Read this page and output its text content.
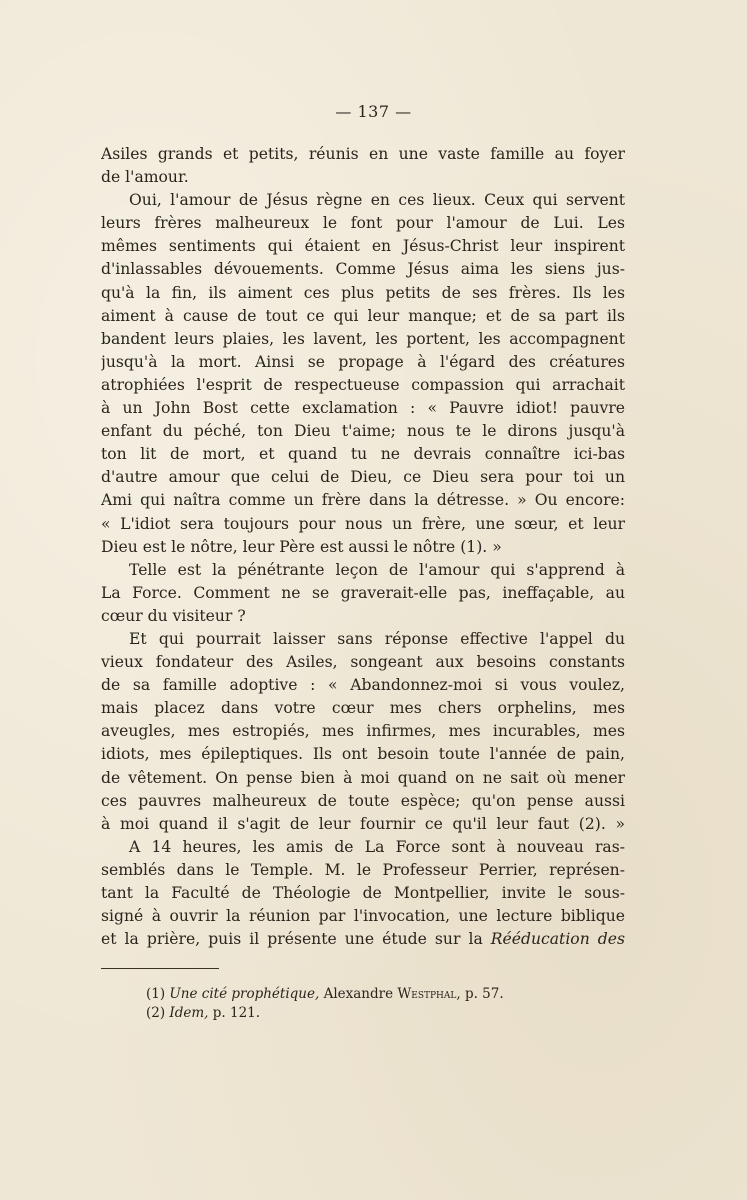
— 137 —
Asiles grands et petits, réunis en une vaste famille au foyer
de l'amour.
Oui, l'amour de Jésus règne en ces lieux. Ceux qui servent
leurs frères malheureux le font pour l'amour de Lui. Les
mêmes sentiments qui étaient en Jésus-Christ leur inspirent
d'inlassables dévouements. Comme Jésus aima les siens jus-
qu'à la fin, ils aiment ces plus petits de ses frères. Ils les
aiment à cause de tout ce qui leur manque; et de sa part ils
bandent leurs plaies, les lavent, les portent, les accompagnent
jusqu'à la mort. Ainsi se propage à l'égard des créatures
atrophiées l'esprit de respectueuse compassion qui arrachait
à un John Bost cette exclamation : « Pauvre idiot! pauvre
enfant du péché, ton Dieu t'aime; nous te le dirons jusqu'à
ton lit de mort, et quand tu ne devrais connaître ici-bas
d'autre amour que celui de Dieu, ce Dieu sera pour toi un
Ami qui naîtra comme un frère dans la détresse. » Ou encore:
« L'idiot sera toujours pour nous un frère, une sœur, et leur
Dieu est le nôtre, leur Père est aussi le nôtre (1). »
Telle est la pénétrante leçon de l'amour qui s'apprend à
La Force. Comment ne se graverait-elle pas, ineffaçable, au
cœur du visiteur ?
Et qui pourrait laisser sans réponse effective l'appel du
vieux fondateur des Asiles, songeant aux besoins constants
de sa famille adoptive : « Abandonnez-moi si vous voulez,
mais placez dans votre cœur mes chers orphelins, mes
aveugles, mes estropiés, mes infirmes, mes incurables, mes
idiots, mes épileptiques. Ils ont besoin toute l'année de pain,
de vêtement. On pense bien à moi quand on ne sait où mener
ces pauvres malheureux de toute espèce; qu'on pense aussi
à moi quand il s'agit de leur fournir ce qu'il leur faut (2). »
A 14 heures, les amis de La Force sont à nouveau ras-
semblés dans le Temple. M. le Professeur Perrier, représen-
tant la Faculté de Théologie de Montpellier, invite le sous-
signé à ouvrir la réunion par l'invocation, une lecture biblique
et la prière, puis il présente une étude sur la Rééducation des
(1) Une cité prophétique, Alexandre Westphal, p. 57.
(2) Idem, p. 121.
